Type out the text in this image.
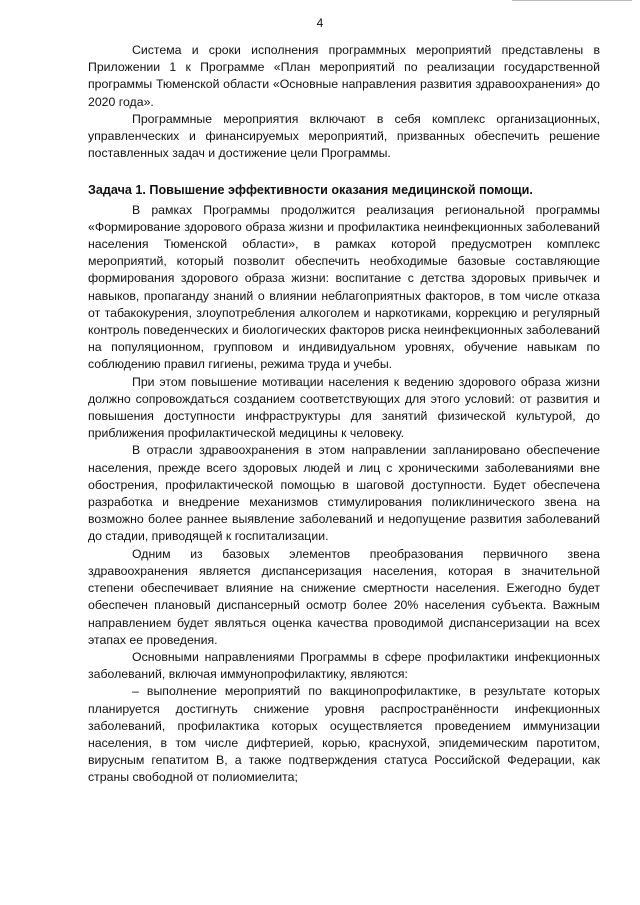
4

Система и сроки исполнения программных мероприятий представлены в Приложении 1 к Программе «План мероприятий по реализации государственной программы Тюменской области «Основные направления развития здравоохранения» до 2020 года».

Программные мероприятия включают в себя комплекс организационных, управленческих и финансируемых мероприятий, призванных обеспечить решение поставленных задач и достижение цели Программы.

Задача 1. Повышение эффективности оказания медицинской помощи.

В рамках Программы продолжится реализация региональной программы «Формирование здорового образа жизни и профилактика неинфекционных заболеваний населения Тюменской области», в рамках которой предусмотрен комплекс мероприятий, который позволит обеспечить необходимые базовые составляющие формирования здорового образа жизни: воспитание с детства здоровых привычек и навыков, пропаганду знаний о влиянии неблагоприятных факторов, в том числе отказа от табакокурения, злоупотребления алкоголем и наркотиками, коррекцию и регулярный контроль поведенческих и биологических факторов риска неинфекционных заболеваний на популяционном, групповом и индивидуальном уровнях, обучение навыкам по соблюдению правил гигиены, режима труда и учебы.

При этом повышение мотивации населения к ведению здорового образа жизни должно сопровождаться созданием соответствующих для этого условий: от развития и повышения доступности инфраструктуры для занятий физической культурой, до приближения профилактической медицины к человеку.

В отрасли здравоохранения в этом направлении запланировано обеспечение населения, прежде всего здоровых людей и лиц с хроническими заболеваниями вне обострения, профилактической помощью в шаговой доступности. Будет обеспечена разработка и внедрение механизмов стимулирования поликлинического звена на возможно более раннее выявление заболеваний и недопущение развития заболеваний до стадии, приводящей к госпитализации.

Одним из базовых элементов преобразования первичного звена здравоохранения является диспансеризация населения, которая в значительной степени обеспечивает влияние на снижение смертности населения. Ежегодно будет обеспечен плановый диспансерный осмотр более 20% населения субъекта. Важным направлением будет являться оценка качества проводимой диспансеризации на всех этапах ее проведения.

Основными направлениями Программы в сфере профилактики инфекционных заболеваний, включая иммунопрофилактику, являются:

– выполнение мероприятий по вакцинопрофилактике, в результате которых планируется достигнуть снижение уровня распространённости инфекционных заболеваний, профилактика которых осуществляется проведением иммунизации населения, в том числе дифтерией, корью, краснухой, эпидемическим паротитом, вирусным гепатитом В, а также подтверждения статуса Российской Федерации, как страны свободной от полиомиелита;
